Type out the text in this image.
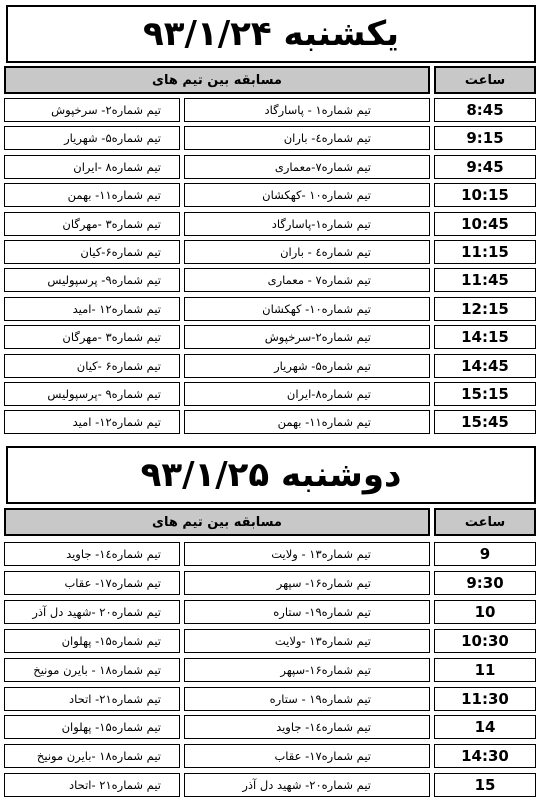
یکشنبه ۹۳/۱/۲۴
مسابقه بین تیم های	ساعت
8:45
تیم شماره۱ - پاسارگاد
تیم شماره۲- سرخپوش
9:15
تیم شماره٤- باران
تیم شماره۵- شهریار
9:45
تیم شماره۷-معماری
تیم شماره۸ -ایران
10:15
تیم شماره۱۰ -کهکشان
تیم شماره۱۱- بهمن
10:45
تیم شماره۱-پاسارگاد
تیم شماره۳ -مهرگان
11:15
تیم شماره٤ - باران
تیم شماره۶-کیان
11:45
تیم شماره۷ - معماری
تیم شماره۹- پرسپولیس
12:15
تیم شماره۱۰- کهکشان
تیم شماره۱۲ -امید
14:15
تیم شماره۲-سرخپوش
تیم شماره۳ -مهرگان
14:45
تیم شماره۵- شهریار
تیم شماره۶ -کیان
15:15
تیم شماره۸-ایران
تیم شماره۹ -پرسپولیس
15:45
تیم شماره۱۱- بهمن
تیم شماره۱۲- امید
دوشنبه ۹۳/۱/۲۵
مسابقه بین تیم های	ساعت
9
تیم شماره۱۳ - ولایت
تیم شماره۱٤- جاوید
9:30
تیم شماره۱۶- سپهر
تیم شماره۱۷- عقاب
10
تیم شماره۱۹- ستاره
تیم شماره۲۰ -شهید دل آذر
10:30
تیم شماره۱۳ -ولایت
تیم شماره۱۵- پهلوان
11
تیم شماره۱۶-سپهر
تیم شماره۱۸ - بایرن مونیخ
11:30
تیم شماره۱۹ - ستاره
تیم شماره۲۱- اتحاد
14
تیم شماره۱٤- جاوید
تیم شماره۱۵- پهلوان
14:30
تیم شماره۱۷- عقاب
تیم شماره۱۸ -بایرن مونیخ
15
تیم شماره۲۰- شهید دل آذر
تیم شماره۲۱ -اتحاد
